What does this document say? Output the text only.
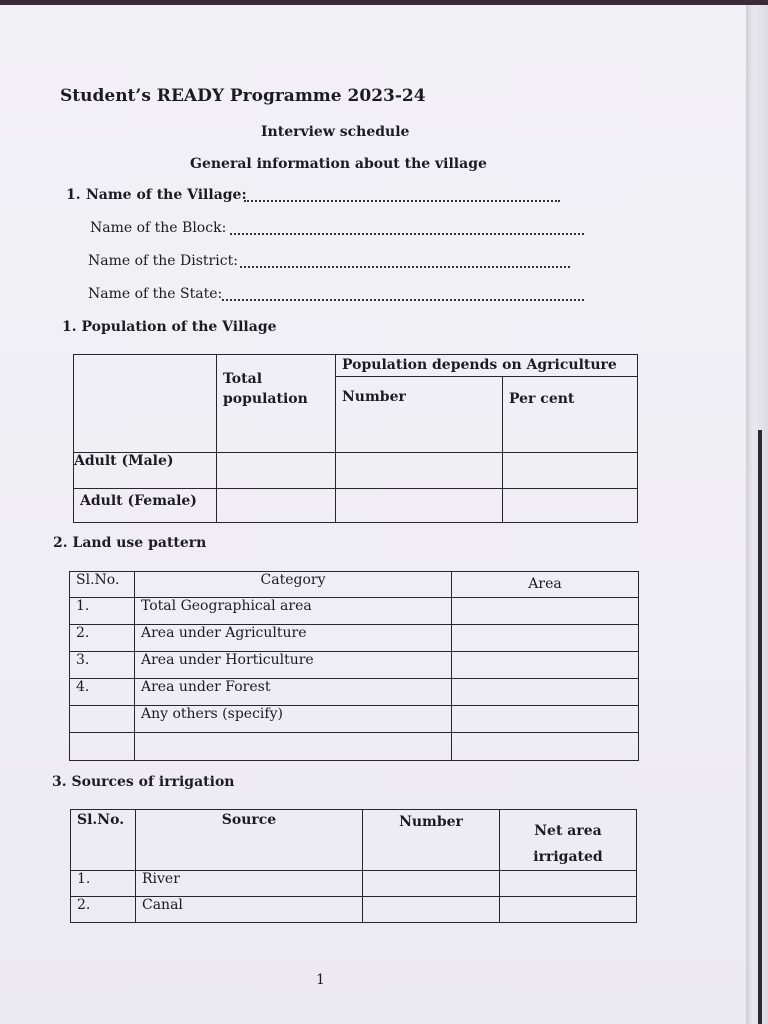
Student’s READY Programme 2023-24
Interview schedule
General information about the village
1. Name of the Village:
Name of the Block:
Name of the District:
Name of the State:
1. Population of the Village
	Total population	Population depends on Agriculture	
		Number	Per cent
Adult (Male)			
Adult (Female)			
2. Land use pattern
Sl.No.	Category	Area
1.	Total Geographical area	
2.	Area under Agriculture	
3.	Area under Horticulture	
4.	Area under Forest	
	Any others (specify)	

3. Sources of irrigation
Sl.No.	Source	Number	Net area irrigated
1.	River		
2.	Canal		
1
